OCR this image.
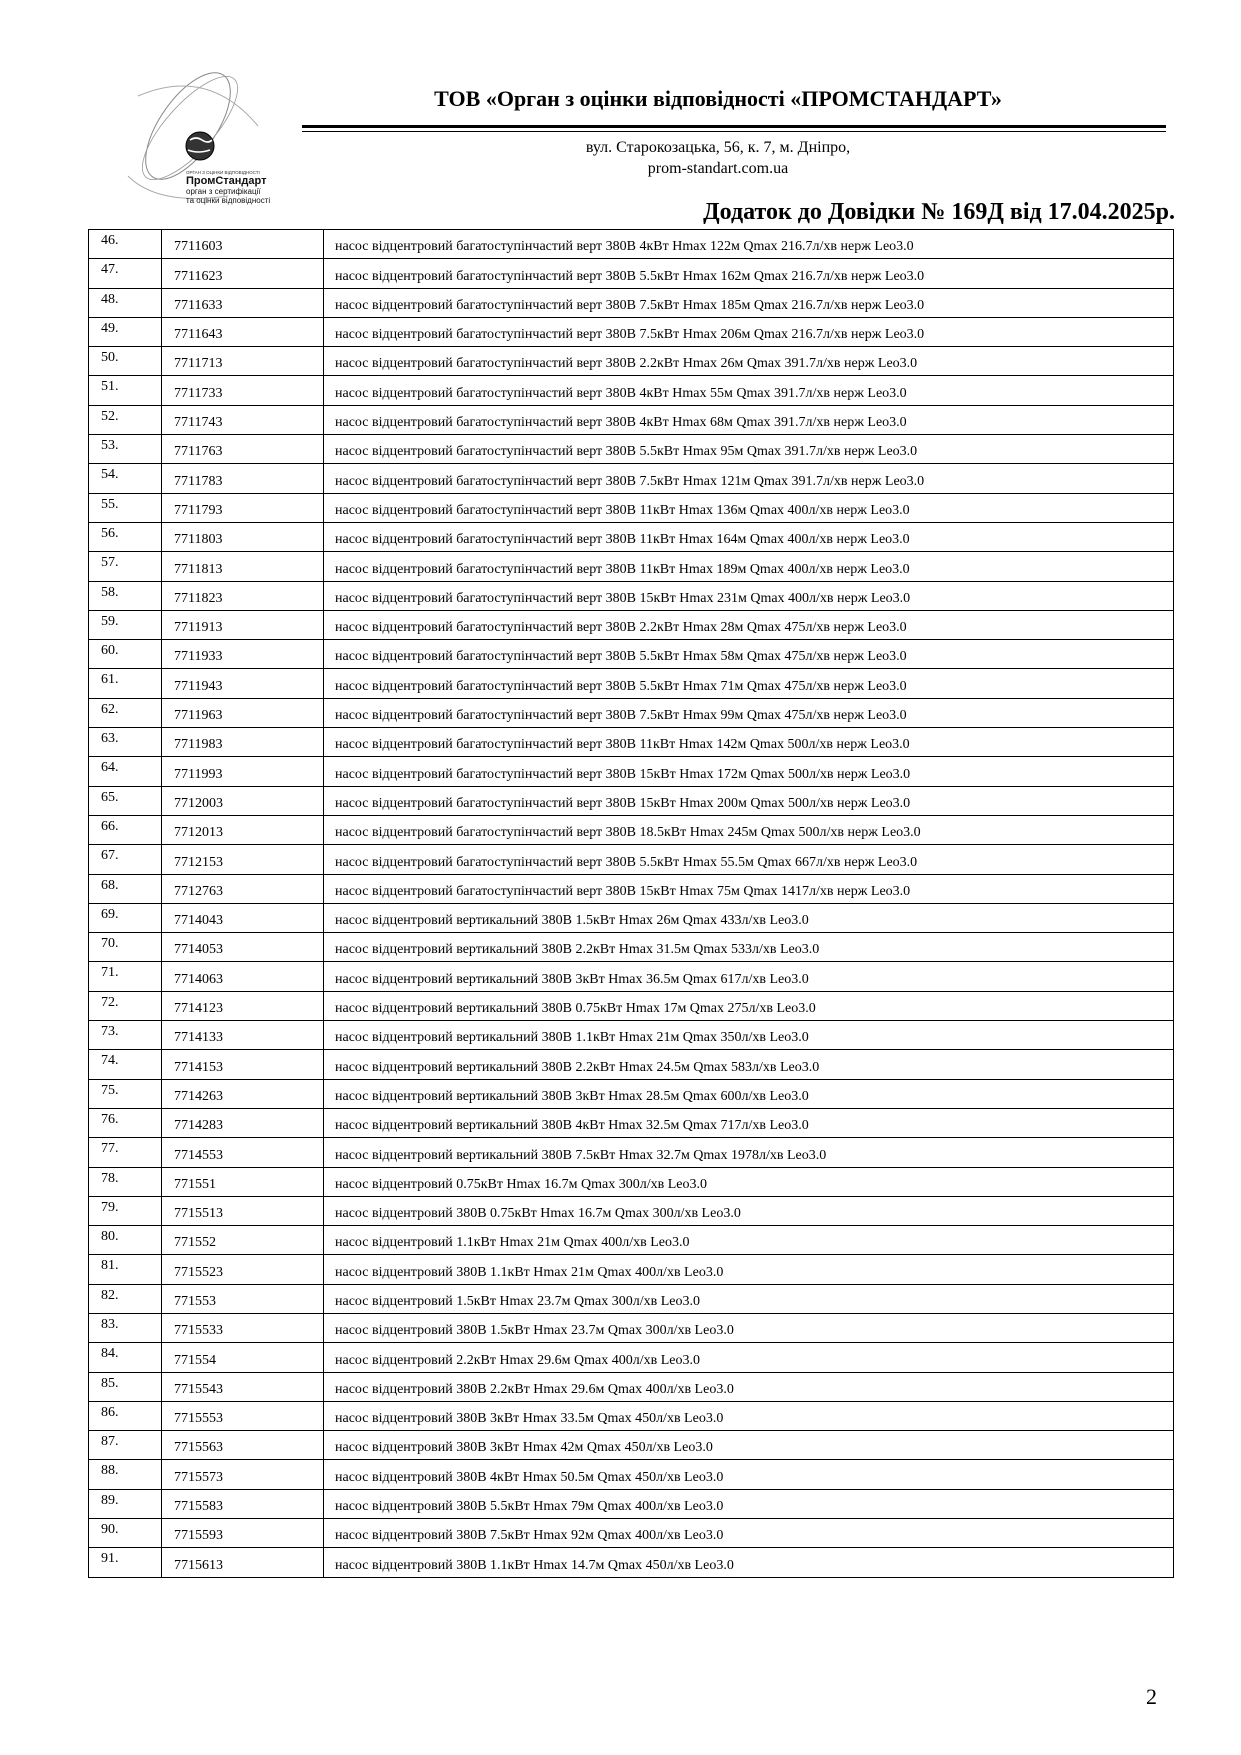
ОРГАН З ОЦІНКИ ВІДПОВІДНОСТІ
ПромСтандарт
орган з сертифікації
та оцінки відповідності
ТОВ «Орган з оцінки відповідності «ПРОМСТАНДАРТ»
вул. Старокозацька, 56, к. 7, м. Дніпро,
prom-standart.com.ua
Додаток до Довідки № 169Д від 17.04.2025р.
46.	7711603	насос відцентровий багатоступінчастий верт 380В 4кВт Hmax 122м Qmax 216.7л/хв нерж Leo3.0
47.	7711623	насос відцентровий багатоступінчастий верт 380В 5.5кВт Hmax 162м Qmax 216.7л/хв нерж Leo3.0
48.	7711633	насос відцентровий багатоступінчастий верт 380В 7.5кВт Hmax 185м Qmax 216.7л/хв нерж Leo3.0
49.	7711643	насос відцентровий багатоступінчастий верт 380В 7.5кВт Hmax 206м Qmax 216.7л/хв нерж Leo3.0
50.	7711713	насос відцентровий багатоступінчастий верт 380В 2.2кВт Hmax 26м Qmax 391.7л/хв нерж Leo3.0
51.	7711733	насос відцентровий багатоступінчастий верт 380В 4кВт Hmax 55м Qmax 391.7л/хв нерж Leo3.0
52.	7711743	насос відцентровий багатоступінчастий верт 380В 4кВт Hmax 68м Qmax 391.7л/хв нерж Leo3.0
53.	7711763	насос відцентровий багатоступінчастий верт 380В 5.5кВт Hmax 95м Qmax 391.7л/хв нерж Leo3.0
54.	7711783	насос відцентровий багатоступінчастий верт 380В 7.5кВт Hmax 121м Qmax 391.7л/хв нерж Leo3.0
55.	7711793	насос відцентровий багатоступінчастий верт 380В 11кВт Hmax 136м Qmax 400л/хв нерж Leo3.0
56.	7711803	насос відцентровий багатоступінчастий верт 380В 11кВт Hmax 164м Qmax 400л/хв нерж Leo3.0
57.	7711813	насос відцентровий багатоступінчастий верт 380В 11кВт Hmax 189м Qmax 400л/хв нерж Leo3.0
58.	7711823	насос відцентровий багатоступінчастий верт 380В 15кВт Hmax 231м Qmax 400л/хв нерж Leo3.0
59.	7711913	насос відцентровий багатоступінчастий верт 380В 2.2кВт Hmax 28м Qmax 475л/хв нерж Leo3.0
60.	7711933	насос відцентровий багатоступінчастий верт 380В 5.5кВт Hmax 58м Qmax 475л/хв нерж Leo3.0
61.	7711943	насос відцентровий багатоступінчастий верт 380В 5.5кВт Hmax 71м Qmax 475л/хв нерж Leo3.0
62.	7711963	насос відцентровий багатоступінчастий верт 380В 7.5кВт Hmax 99м Qmax 475л/хв нерж Leo3.0
63.	7711983	насос відцентровий багатоступінчастий верт 380В 11кВт Hmax 142м Qmax 500л/хв нерж Leo3.0
64.	7711993	насос відцентровий багатоступінчастий верт 380В 15кВт Hmax 172м Qmax 500л/хв нерж Leo3.0
65.	7712003	насос відцентровий багатоступінчастий верт 380В 15кВт Hmax 200м Qmax 500л/хв нерж Leo3.0
66.	7712013	насос відцентровий багатоступінчастий верт 380В 18.5кВт Hmax 245м Qmax 500л/хв нерж Leo3.0
67.	7712153	насос відцентровий багатоступінчастий верт 380В 5.5кВт Hmax 55.5м Qmax 667л/хв нерж Leo3.0
68.	7712763	насос відцентровий багатоступінчастий верт 380В 15кВт Hmax 75м Qmax 1417л/хв нерж Leo3.0
69.	7714043	насос відцентровий вертикальний 380В 1.5кВт Hmax 26м Qmax 433л/хв Leo3.0
70.	7714053	насос відцентровий вертикальний 380В 2.2кВт Hmax 31.5м Qmax 533л/хв Leo3.0
71.	7714063	насос відцентровий вертикальний 380В 3кВт Hmax 36.5м Qmax 617л/хв Leo3.0
72.	7714123	насос відцентровий вертикальний 380В 0.75кВт Hmax 17м Qmax 275л/хв Leo3.0
73.	7714133	насос відцентровий вертикальний 380В 1.1кВт Hmax 21м Qmax 350л/хв Leo3.0
74.	7714153	насос відцентровий вертикальний 380В 2.2кВт Hmax 24.5м Qmax 583л/хв Leo3.0
75.	7714263	насос відцентровий вертикальний 380В 3кВт Hmax 28.5м Qmax 600л/хв Leo3.0
76.	7714283	насос відцентровий вертикальний 380В 4кВт Hmax 32.5м Qmax 717л/хв Leo3.0
77.	7714553	насос відцентровий вертикальний 380В 7.5кВт Hmax 32.7м Qmax 1978л/хв Leo3.0
78.	771551	насос відцентровий 0.75кВт Hmax 16.7м Qmax 300л/хв Leo3.0
79.	7715513	насос відцентровий 380В 0.75кВт Hmax 16.7м Qmax 300л/хв Leo3.0
80.	771552	насос відцентровий 1.1кВт Hmax 21м Qmax 400л/хв Leo3.0
81.	7715523	насос відцентровий 380В 1.1кВт Hmax 21м Qmax 400л/хв Leo3.0
82.	771553	насос відцентровий 1.5кВт Hmax 23.7м Qmax 300л/хв Leo3.0
83.	7715533	насос відцентровий 380В 1.5кВт Hmax 23.7м Qmax 300л/хв Leo3.0
84.	771554	насос відцентровий 2.2кВт Hmax 29.6м Qmax 400л/хв Leo3.0
85.	7715543	насос відцентровий 380В 2.2кВт Hmax 29.6м Qmax 400л/хв Leo3.0
86.	7715553	насос відцентровий 380В 3кВт Hmax 33.5м Qmax 450л/хв Leo3.0
87.	7715563	насос відцентровий 380В 3кВт Hmax 42м Qmax 450л/хв Leo3.0
88.	7715573	насос відцентровий 380В 4кВт Hmax 50.5м Qmax 450л/хв Leo3.0
89.	7715583	насос відцентровий 380В 5.5кВт Hmax 79м Qmax 400л/хв Leo3.0
90.	7715593	насос відцентровий 380В 7.5кВт Hmax 92м Qmax 400л/хв Leo3.0
91.	7715613	насос відцентровий 380В 1.1кВт Hmax 14.7м Qmax 450л/хв Leo3.0
2
